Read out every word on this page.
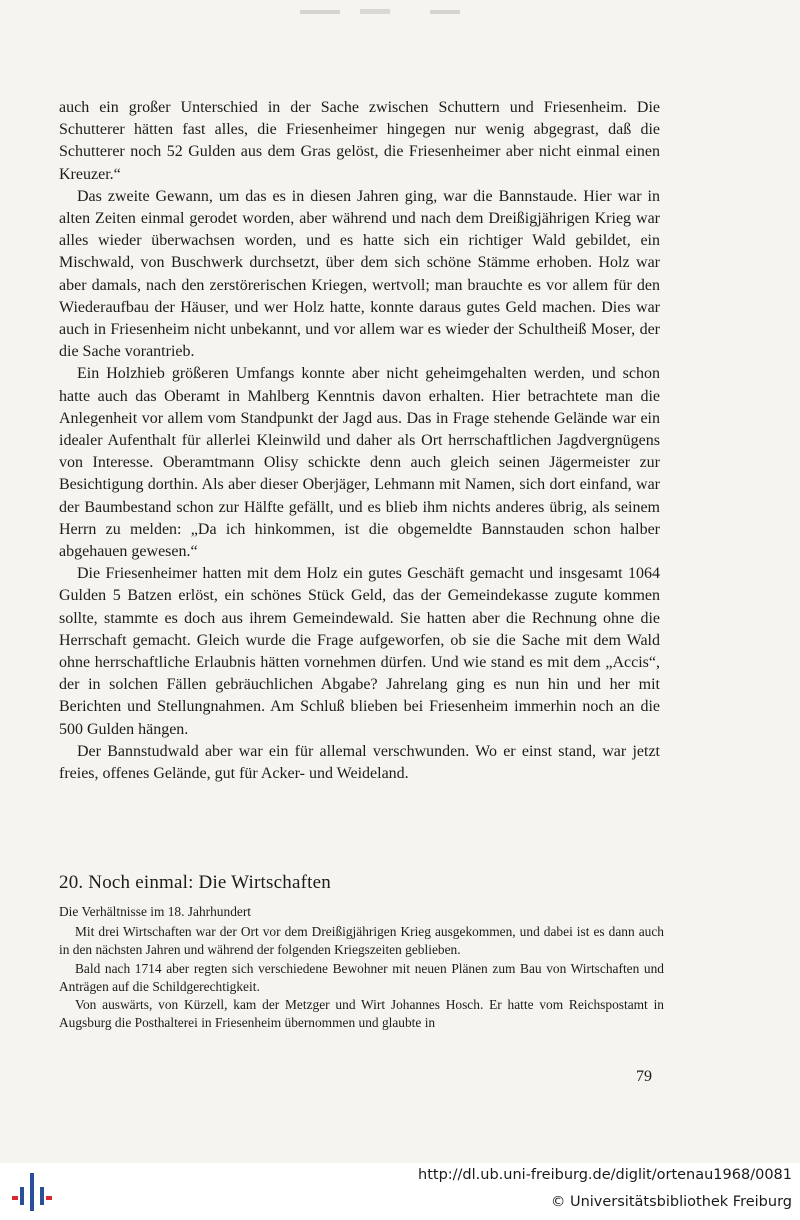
auch ein großer Unterschied in der Sache zwischen Schuttern und Friesenheim. Die Schutterer hätten fast alles, die Friesenheimer hingegen nur wenig abgegrast, daß die Schutterer noch 52 Gulden aus dem Gras gelöst, die Friesenheimer aber nicht einmal einen Kreuzer.“

Das zweite Gewann, um das es in diesen Jahren ging, war die Bannstaude. Hier war in alten Zeiten einmal gerodet worden, aber während und nach dem Dreißigjährigen Krieg war alles wieder überwachsen worden, und es hatte sich ein richtiger Wald gebildet, ein Mischwald, von Buschwerk durchsetzt, über dem sich schöne Stämme erhoben. Holz war aber damals, nach den zerstörerischen Kriegen, wertvoll; man brauchte es vor allem für den Wiederaufbau der Häuser, und wer Holz hatte, konnte daraus gutes Geld machen. Dies war auch in Friesenheim nicht unbekannt, und vor allem war es wieder der Schultheiß Moser, der die Sache vorantrieb.

Ein Holzhieb größeren Umfangs konnte aber nicht geheimgehalten werden, und schon hatte auch das Oberamt in Mahlberg Kenntnis davon erhalten. Hier betrachtete man die Anlegenheit vor allem vom Standpunkt der Jagd aus. Das in Frage stehende Gelände war ein idealer Aufenthalt für allerlei Kleinwild und daher als Ort herrschaftlichen Jagdvergnügens von Interesse. Oberamtmann Olisy schickte denn auch gleich seinen Jägermeister zur Besichtigung dorthin. Als aber dieser Oberjäger, Lehmann mit Namen, sich dort einfand, war der Baumbestand schon zur Hälfte gefällt, und es blieb ihm nichts anderes übrig, als seinem Herrn zu melden: „Da ich hinkommen, ist die obgemeldte Bannstauden schon halber abgehauen gewesen.“

Die Friesenheimer hatten mit dem Holz ein gutes Geschäft gemacht und insgesamt 1064 Gulden 5 Batzen erlöst, ein schönes Stück Geld, das der Gemeindekasse zugute kommen sollte, stammte es doch aus ihrem Gemeindewald. Sie hatten aber die Rechnung ohne die Herrschaft gemacht. Gleich wurde die Frage aufgeworfen, ob sie die Sache mit dem Wald ohne herrschaftliche Erlaubnis hätten vornehmen dürfen. Und wie stand es mit dem „Accis“, der in solchen Fällen gebräuchlichen Abgabe? Jahrelang ging es nun hin und her mit Berichten und Stellungnahmen. Am Schluß blieben bei Friesenheim immerhin noch an die 500 Gulden hängen.

Der Bannstudwald aber war ein für allemal verschwunden. Wo er einst stand, war jetzt freies, offenes Gelände, gut für Acker- und Weideland.

20. Noch einmal: Die Wirtschaften
Die Verhältnisse im 18. Jahrhundert

Mit drei Wirtschaften war der Ort vor dem Dreißigjährigen Krieg ausgekommen, und dabei ist es dann auch in den nächsten Jahren und während der folgenden Kriegszeiten geblieben.

Bald nach 1714 aber regten sich verschiedene Bewohner mit neuen Plänen zum Bau von Wirtschaften und Anträgen auf die Schildgerechtigkeit.

Von auswärts, von Kürzell, kam der Metzger und Wirt Johannes Hosch. Er hatte vom Reichspostamt in Augsburg die Posthalterei in Friesenheim übernommen und glaubte in

79

http://dl.ub.uni-freiburg.de/diglit/ortenau1968/0081

© Universitätsbibliothek Freiburg
